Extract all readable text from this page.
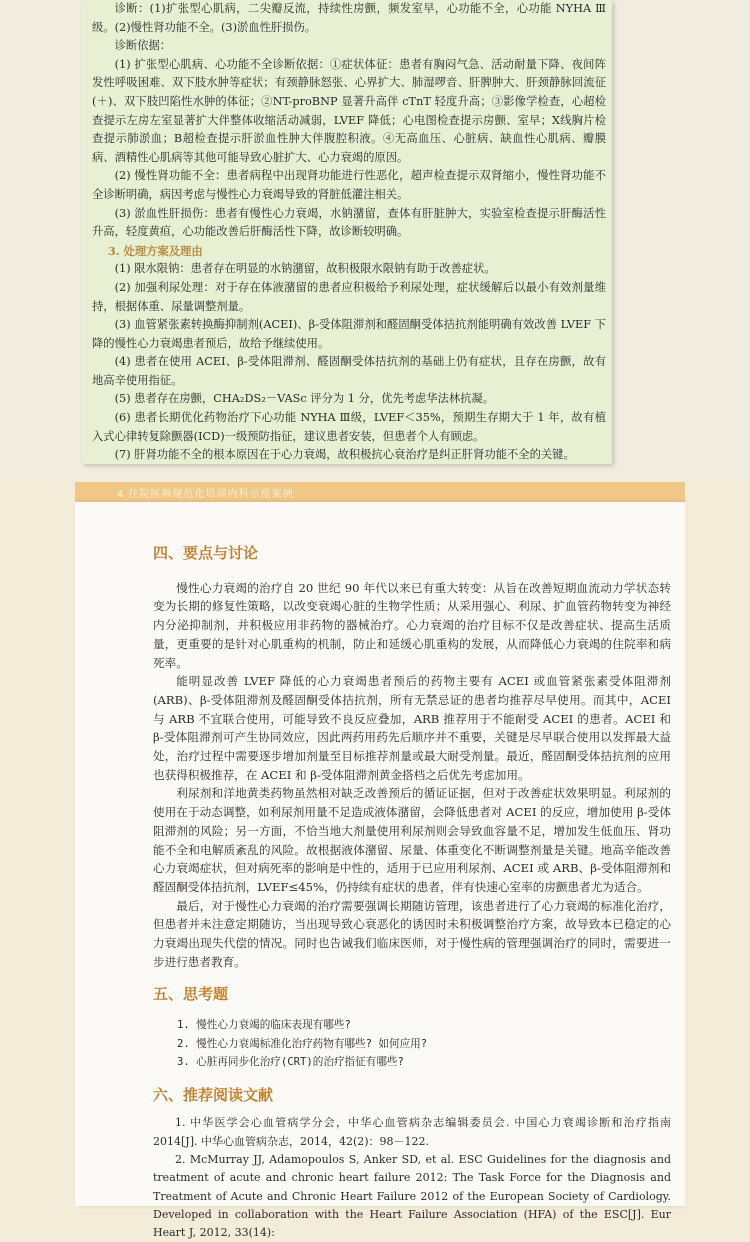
诊断：(1)扩张型心肌病，二尖瓣反流，持续性房颤，频发室早，心功能不全，心功能 NYHA Ⅲ级。(2)慢性肾功能不全。(3)淤血性肝损伤。

诊断依据：

(1) 扩张型心肌病、心功能不全诊断依据：①症状体征：患者有胸闷气急、活动耐量下降、夜间阵发性呼吸困难、双下肢水肿等症状；有颈静脉怒张、心界扩大、肺湿啰音、肝脾肿大、肝颈静脉回流征(＋)、双下肢凹陷性水肿的体征；②NT-proBNP 显著升高伴 cTnT 轻度升高；③影像学检查，心超检查提示左房左室显著扩大伴整体收缩活动减弱，LVEF 降低；心电图检查提示房颤、室早；X线胸片检查提示肺淤血；B超检查提示肝淤血性肿大伴腹腔积液。④无高血压、心脏病、缺血性心肌病、瓣膜病、酒精性心肌病等其他可能导致心脏扩大、心力衰竭的原因。

(2) 慢性肾功能不全：患者病程中出现肾功能进行性恶化，超声检查提示双肾缩小，慢性肾功能不全诊断明确，病因考虑与慢性心力衰竭导致的肾脏低灌注相关。

(3) 淤血性肝损伤：患者有慢性心力衰竭，水钠潴留，查体有肝脏肿大，实验室检查提示肝酶活性升高，轻度黄疸，心功能改善后肝酶活性下降，故诊断较明确。

3. 处理方案及理由

(1) 限水限钠：患者存在明显的水钠潴留，故积极限水限钠有助于改善症状。

(2) 加强利尿处理：对于存在体液潴留的患者应积极给予利尿处理，症状缓解后以最小有效剂量维持，根据体重、尿量调整剂量。

(3) 血管紧张素转换酶抑制剂(ACEI)、β-受体阻滞剂和醛固酮受体拮抗剂能明确有效改善 LVEF 下降的慢性心力衰竭患者预后，故给予继续使用。

(4) 患者在使用 ACEI、β-受体阻滞剂、醛固酮受体拮抗剂的基础上仍有症状，且存在房颤，故有地高辛使用指征。

(5) 患者存在房颤，CHA₂DS₂－VASc 评分为 1 分，优先考虑华法林抗凝。

(6) 患者长期优化药物治疗下心功能 NYHA Ⅲ级，LVEF＜35%，预期生存期大于 1 年，故有植入式心律转复除颤器(ICD)一级预防指征，建议患者安装，但患者个人有顾虑。

(7) 肝肾功能不全的根本原因在于心力衰竭，故积极抗心衰治疗是纠正肝肾功能不全的关键。

4 住院医师规范化培训内科示范案例
四、要点与讨论

慢性心力衰竭的治疗自 20 世纪 90 年代以来已有重大转变：从旨在改善短期血流动力学状态转变为长期的修复性策略，以改变衰竭心脏的生物学性质；从采用强心、利尿、扩血管药物转变为神经内分泌抑制剂，并积极应用非药物的器械治疗。心力衰竭的治疗目标不仅是改善症状、提高生活质量，更重要的是针对心肌重构的机制，防止和延缓心肌重构的发展，从而降低心力衰竭的住院率和病死率。

能明显改善 LVEF 降低的心力衰竭患者预后的药物主要有 ACEI 或血管紧张素受体阻滞剂(ARB)、β-受体阻滞剂及醛固酮受体拮抗剂，所有无禁忌证的患者均推荐尽早使用。而其中，ACEI 与 ARB 不宜联合使用，可能导致不良反应叠加，ARB 推荐用于不能耐受 ACEI 的患者。ACEI 和 β-受体阻滞剂可产生协同效应，因此两药用药先后顺序并不重要，关键是尽早联合使用以发挥最大益处，治疗过程中需要逐步增加剂量至目标推荐剂量或最大耐受剂量。最近，醛固酮受体拮抗剂的应用也获得积极推荐，在 ACEI 和 β-受体阻滞剂黄金搭档之后优先考虑加用。

利尿剂和洋地黄类药物虽然相对缺乏改善预后的循证证据，但对于改善症状效果明显。利尿剂的使用在于动态调整，如利尿剂用量不足造成液体潴留，会降低患者对 ACEI 的反应，增加使用 β-受体阻滞剂的风险；另一方面，不恰当地大剂量使用利尿剂则会导致血容量不足，增加发生低血压、肾功能不全和电解质紊乱的风险。故根据液体潴留、尿量、体重变化不断调整剂量是关键。地高辛能改善心力衰竭症状，但对病死率的影响是中性的，适用于已应用利尿剂、ACEI 或 ARB、β-受体阻滞剂和醛固酮受体拮抗剂，LVEF≤45%，仍持续有症状的患者，伴有快速心室率的房颤患者尤为适合。

最后，对于慢性心力衰竭的治疗需要强调长期随访管理，该患者进行了心力衰竭的标准化治疗，但患者并未注意定期随访，当出现导致心衰恶化的诱因时未积极调整治疗方案，故导致本已稳定的心力衰竭出现失代偿的情况。同时也告诫我们临床医师，对于慢性病的管理强调治疗的同时，需要进一步进行患者教育。

五、思考题
1. 慢性心力衰竭的临床表现有哪些?
2. 慢性心力衰竭标准化治疗药物有哪些? 如何应用?
3. 心脏再同步化治疗(CRT)的治疗指征有哪些?
六、推荐阅读文献

1. 中华医学会心血管病学分会，中华心血管病杂志编辑委员会. 中国心力衰竭诊断和治疗指南 2014[J]. 中华心血管病杂志，2014，42(2)：98－122.

2. McMurray JJ, Adamopoulos S, Anker SD, et al. ESC Guidelines for the diagnosis and treatment of acute and chronic heart failure 2012: The Task Force for the Diagnosis and Treatment of Acute and Chronic Heart Failure 2012 of the European Society of Cardiology. Developed in collaboration with the Heart Failure Association (HFA) of the ESC[J]. Eur Heart J, 2012, 33(14):
